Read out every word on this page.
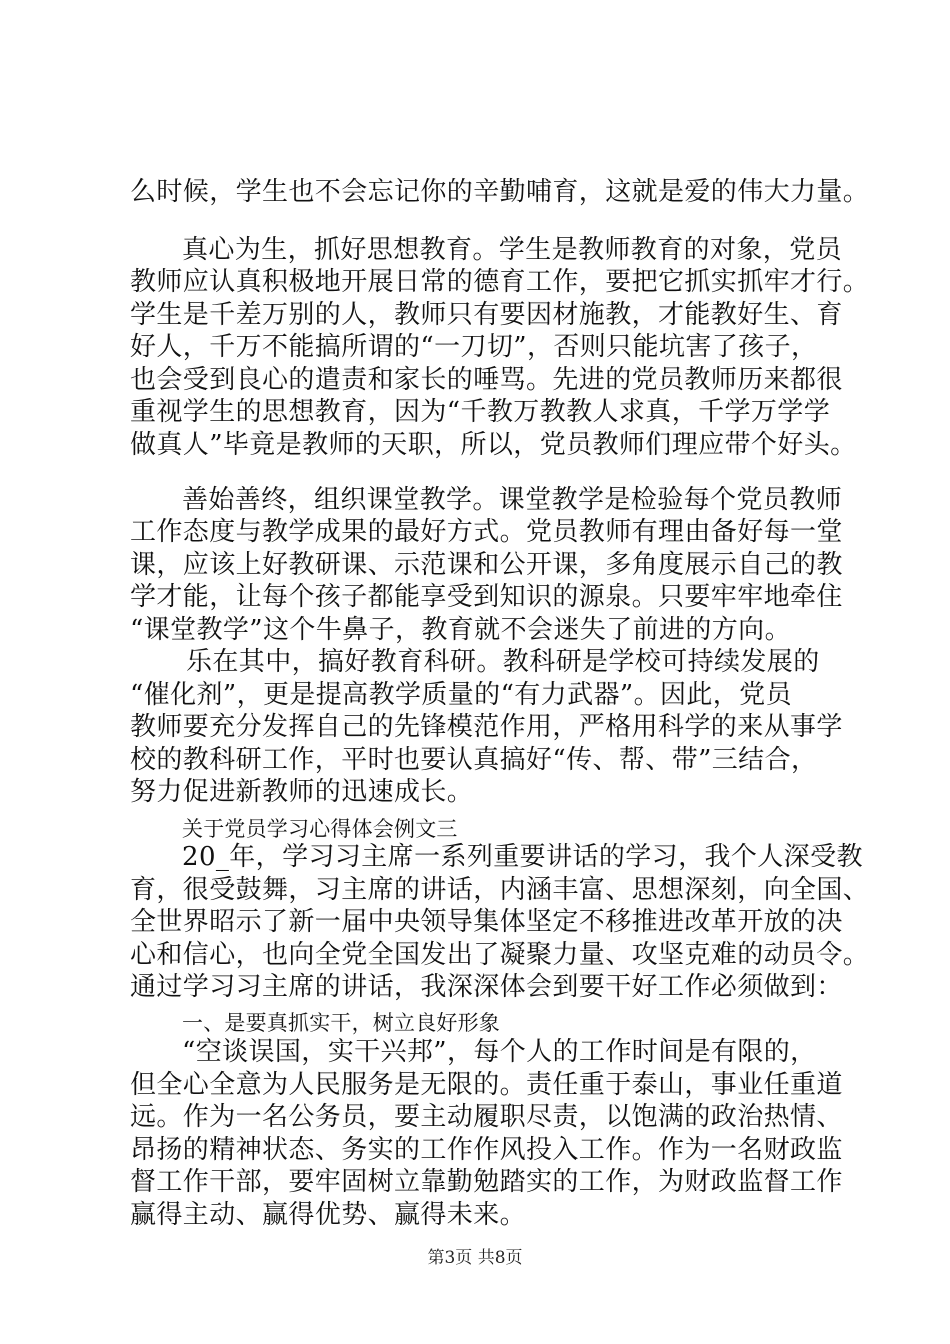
么时候，学生也不会忘记你的辛勤哺育，这就是爱的伟大力量。
真心为生，抓好思想教育。学生是教师教育的对象，党员
教师应认真积极地开展日常的德育工作，要把它抓实抓牢才行。
学生是千差万别的人，教师只有要因材施教，才能教好生、育
好人，千万不能搞所谓的“一刀切”，否则只能坑害了孩子，
也会受到良心的遣责和家长的唾骂。先进的党员教师历来都很
重视学生的思想教育，因为“千教万教教人求真，千学万学学
做真人”毕竟是教师的天职，所以，党员教师们理应带个好头。
善始善终，组织课堂教学。课堂教学是检验每个党员教师
工作态度与教学成果的最好方式。党员教师有理由备好每一堂
课，应该上好教研课、示范课和公开课，多角度展示自己的教
学才能，让每个孩子都能享受到知识的源泉。只要牢牢地牵住
“课堂教学”这个牛鼻子，教育就不会迷失了前进的方向。
乐在其中，搞好教育科研。教科研是学校可持续发展的
“催化剂”，更是提高教学质量的“有力武器”。因此，党员
教师要充分发挥自己的先锋模范作用，严格用科学的来从事学
校的教科研工作，平时也要认真搞好“传、帮、带”三结合，
努力促进新教师的迅速成长。
关于党员学习心得体会例文三
20_年，学习习主席一系列重要讲话的学习，我个人深受教
育，很受鼓舞，习主席的讲话，内涵丰富、思想深刻，向全国、
全世界昭示了新一届中央领导集体坚定不移推进改革开放的决
心和信心，也向全党全国发出了凝聚力量、攻坚克难的动员令。
通过学习习主席的讲话，我深深体会到要干好工作必须做到：
一、是要真抓实干，树立良好形象
“空谈误国，实干兴邦”，每个人的工作时间是有限的，
但全心全意为人民服务是无限的。责任重于泰山，事业任重道
远。作为一名公务员，要主动履职尽责，以饱满的政治热情、
昂扬的精神状态、务实的工作作风投入工作。作为一名财政监
督工作干部，要牢固树立靠勤勉踏实的工作，为财政监督工作
赢得主动、赢得优势、赢得未来。
第3页 共8页
